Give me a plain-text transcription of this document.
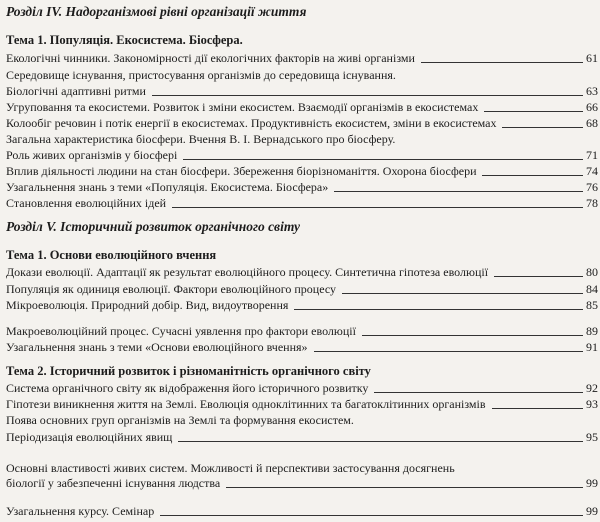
Розділ IV. Надорганізмові рівні організації життя
Тема 1. Популяція. Екосистема. Біосфера.
Екологічні чинники. Закономірності дії екологічних факторів на живі організми	61
Середовище існування, пристосування організмів до середовища існування.
Біологічні адаптивні ритми	63
Угруповання та екосистеми. Розвиток і зміни екосистем. Взаємодії організмів в екосистемах	66
Колообіг речовин і потік енергії в екосистемах. Продуктивність екосистем, зміни в екосистемах	68
Загальна характеристика біосфери. Вчення В. І. Вернадського про біосферу.
Роль живих організмів у біосфері	71
Вплив діяльності людини на стан біосфери. Збереження біорізноманіття. Охорона біосфери	74
Узагальнення знань з теми «Популяція. Екосистема. Біосфера»	76
Становлення еволюційних ідей	78
Розділ V. Історичний розвиток органічного світу
Тема 1. Основи еволюційного вчення
Докази еволюції. Адаптації як результат еволюційного процесу. Синтетична гіпотеза еволюції	80
Популяція як одиниця еволюції. Фактори еволюційного процесу	84
Мікроеволюція. Природний добір. Вид, видоутворення	85
Макроеволюційний процес. Сучасні уявлення про фактори еволюції	89
Узагальнення знань з теми «Основи еволюційного вчення»	91
Тема 2. Історичний розвиток і різноманітність органічного світу
Система органічного світу як відображення його історичного розвитку	92
Гіпотези виникнення життя на Землі. Еволюція одноклітинних та багатоклітинних організмів	93
Поява основних груп організмів на Землі та формування екосистем.
Періодизація еволюційних явищ	95
Основні властивості живих систем. Можливості й перспективи застосування досягнень
біології у забезпеченні існування людства	99
Узагальнення курсу. Семінар	99
